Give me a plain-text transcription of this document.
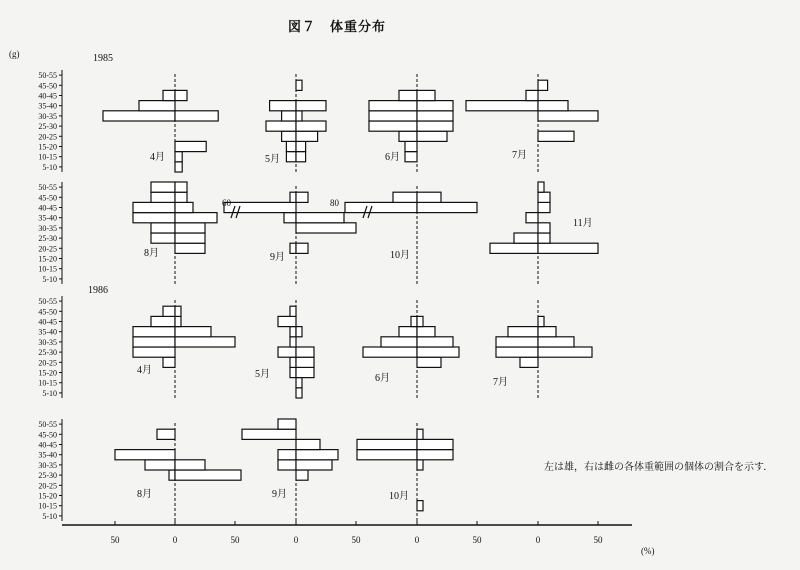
図７　体重分布
(g)	1985
1986
左は雄，右は雌の各体重範囲の個体の割合を示す．
(%)
5-10
10-15
15-20
20-25
25-30
30-35
35-40
40-45
45-50
50-55
4月	5月	6月	7月
5-10
10-15
15-20
20-25
25-30
30-35
35-40
40-45
45-50
50-55
8月	9月	10月
11月
5-10
10-15
15-20
20-25
25-30
30-35
35-40
40-45
45-50
50-55
4月	5月	6月	7月
5-10
10-15
15-20
20-25
25-30
30-35
35-40
40-45
45-50
50-55
8月	9月	10月
60	80
50	0	50	0	50	0	50	0	50
